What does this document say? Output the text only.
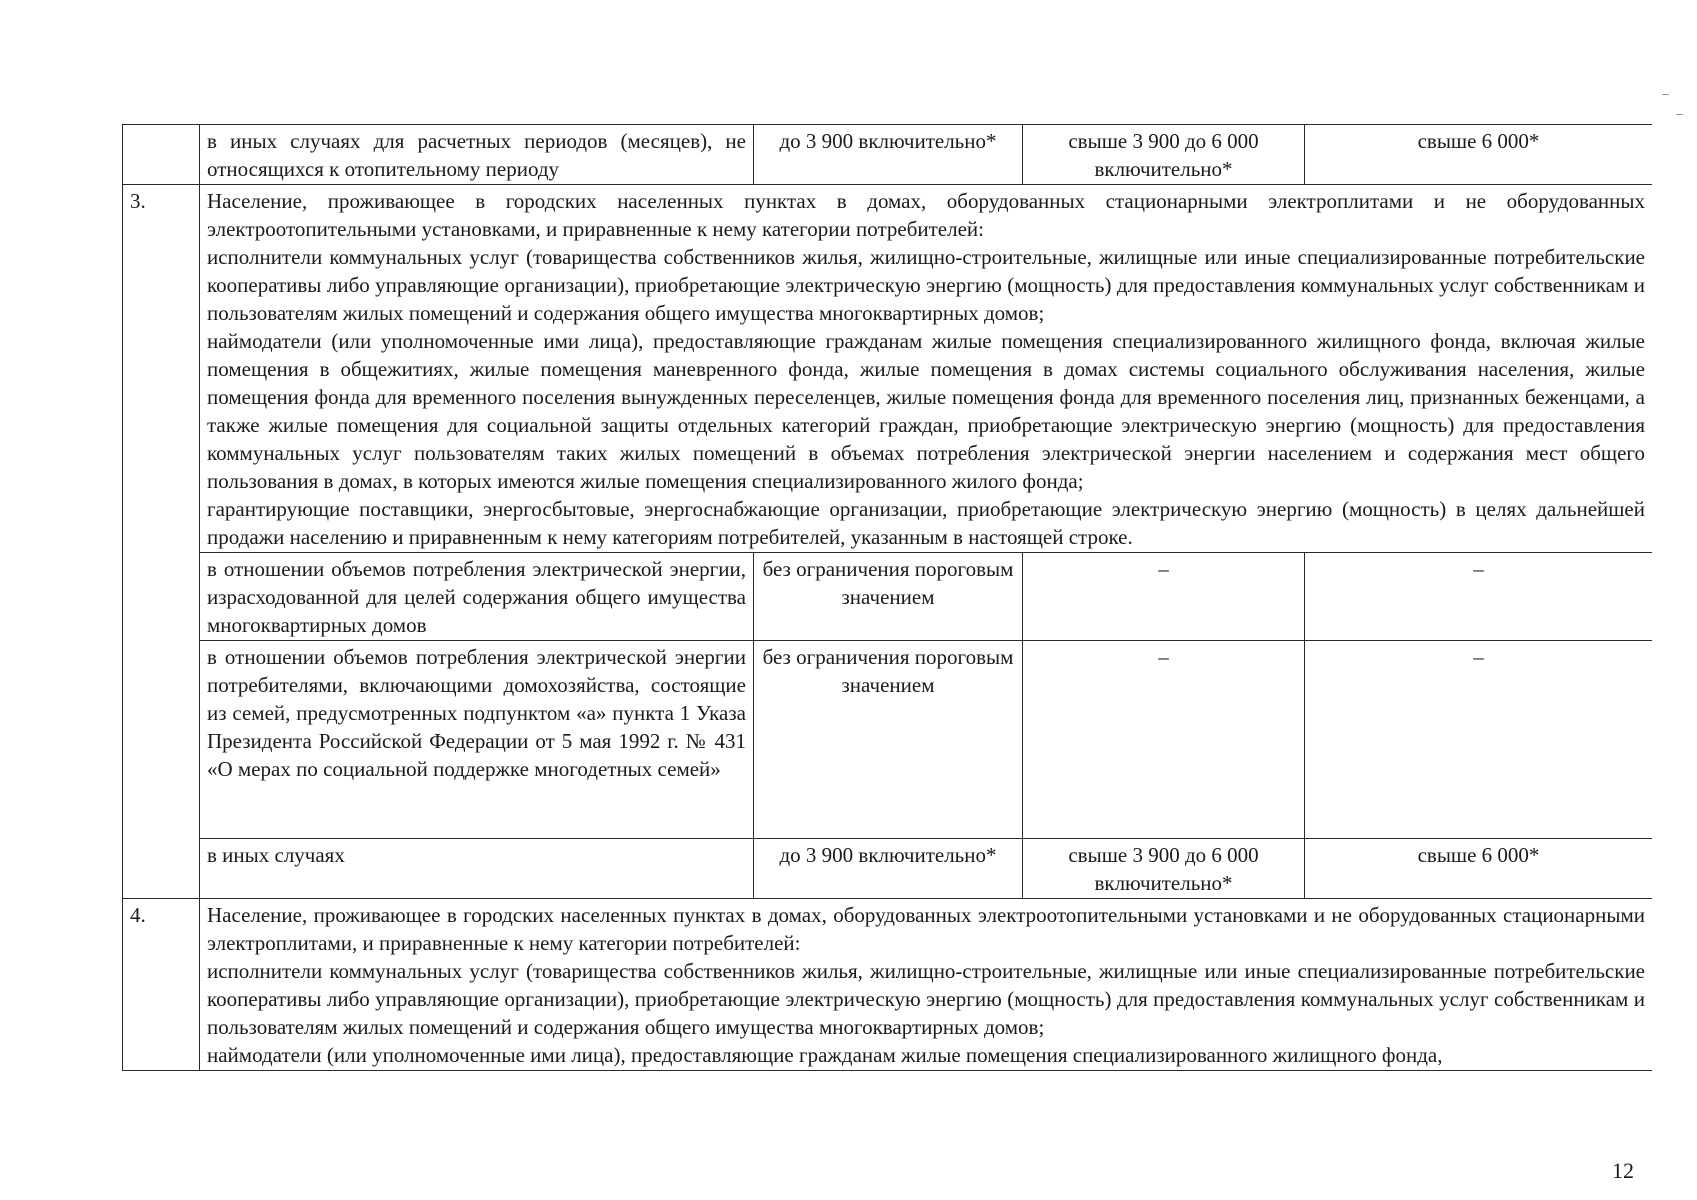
	в иных случаях для расчетных периодов (месяцев), не относящихся к отопительному периоду	до 3 900 включительно*	свыше 3 900 до 6 000 включительно*	свыше 6 000*
3.	Население, проживающее в городских населенных пунктах в домах, оборудованных стационарными электроплитами и не оборудованных электроотопительными установками, и приравненные к нему категории потребителей:

исполнители коммунальных услуг (товарищества собственников жилья, жилищно-строительные, жилищные или иные специализированные потребительские кооперативы либо управляющие организации), приобретающие электрическую энергию (мощность) для предоставления коммунальных услуг собственникам и пользователям жилых помещений и содержания общего имущества многоквартирных домов;

наймодатели (или уполномоченные ими лица), предоставляющие гражданам жилые помещения специализированного жилищного фонда, включая жилые помещения в общежитиях, жилые помещения маневренного фонда, жилые помещения в домах системы социального обслуживания населения, жилые помещения фонда для временного поселения вынужденных переселенцев, жилые помещения фонда для временного поселения лиц, признанных беженцами, а также жилые помещения для социальной защиты отдельных категорий граждан, приобретающие электрическую энергию (мощность) для предоставления коммунальных услуг пользователям таких жилых помещений в объемах потребления электрической энергии населением и содержания мест общего пользования в домах, в которых имеются жилые помещения специализированного жилого фонда;

гарантирующие поставщики, энергосбытовые, энергоснабжающие организации, приобретающие электрическую энергию (мощность) в целях дальнейшей продажи населению и приравненным к нему категориям потребителей, указанным в настоящей строке.			

	в отношении объемов потребления электрической энергии, израсходованной для целей содержания общего имущества многоквартирных домов	без ограничения пороговым значением	–	–
	в отношении объемов потребления электрической энергии потребителями, включающими домохозяйства, состоящие из семей, предусмотренных подпунктом «а» пункта 1 Указа Президента Российской Федерации от 5 мая 1992 г. № 431 «О мерах по социальной поддержке многодетных семей»	без ограничения пороговым значением	–	–
	в иных случаях	до 3 900 включительно*	свыше 3 900 до 6 000 включительно*	свыше 6 000*
4.	Население, проживающее в городских населенных пунктах в домах, оборудованных электроотопительными установками и не оборудованных стационарными электроплитами, и приравненные к нему категории потребителей:

исполнители коммунальных услуг (товарищества собственников жилья, жилищно-строительные, жилищные или иные специализированные потребительские кооперативы либо управляющие организации), приобретающие электрическую энергию (мощность) для предоставления коммунальных услуг собственникам и пользователям жилых помещений и содержания общего имущества многоквартирных домов;

наймодатели (или уполномоченные ими лица), предоставляющие гражданам жилые помещения специализированного жилищного фонда,			

12
